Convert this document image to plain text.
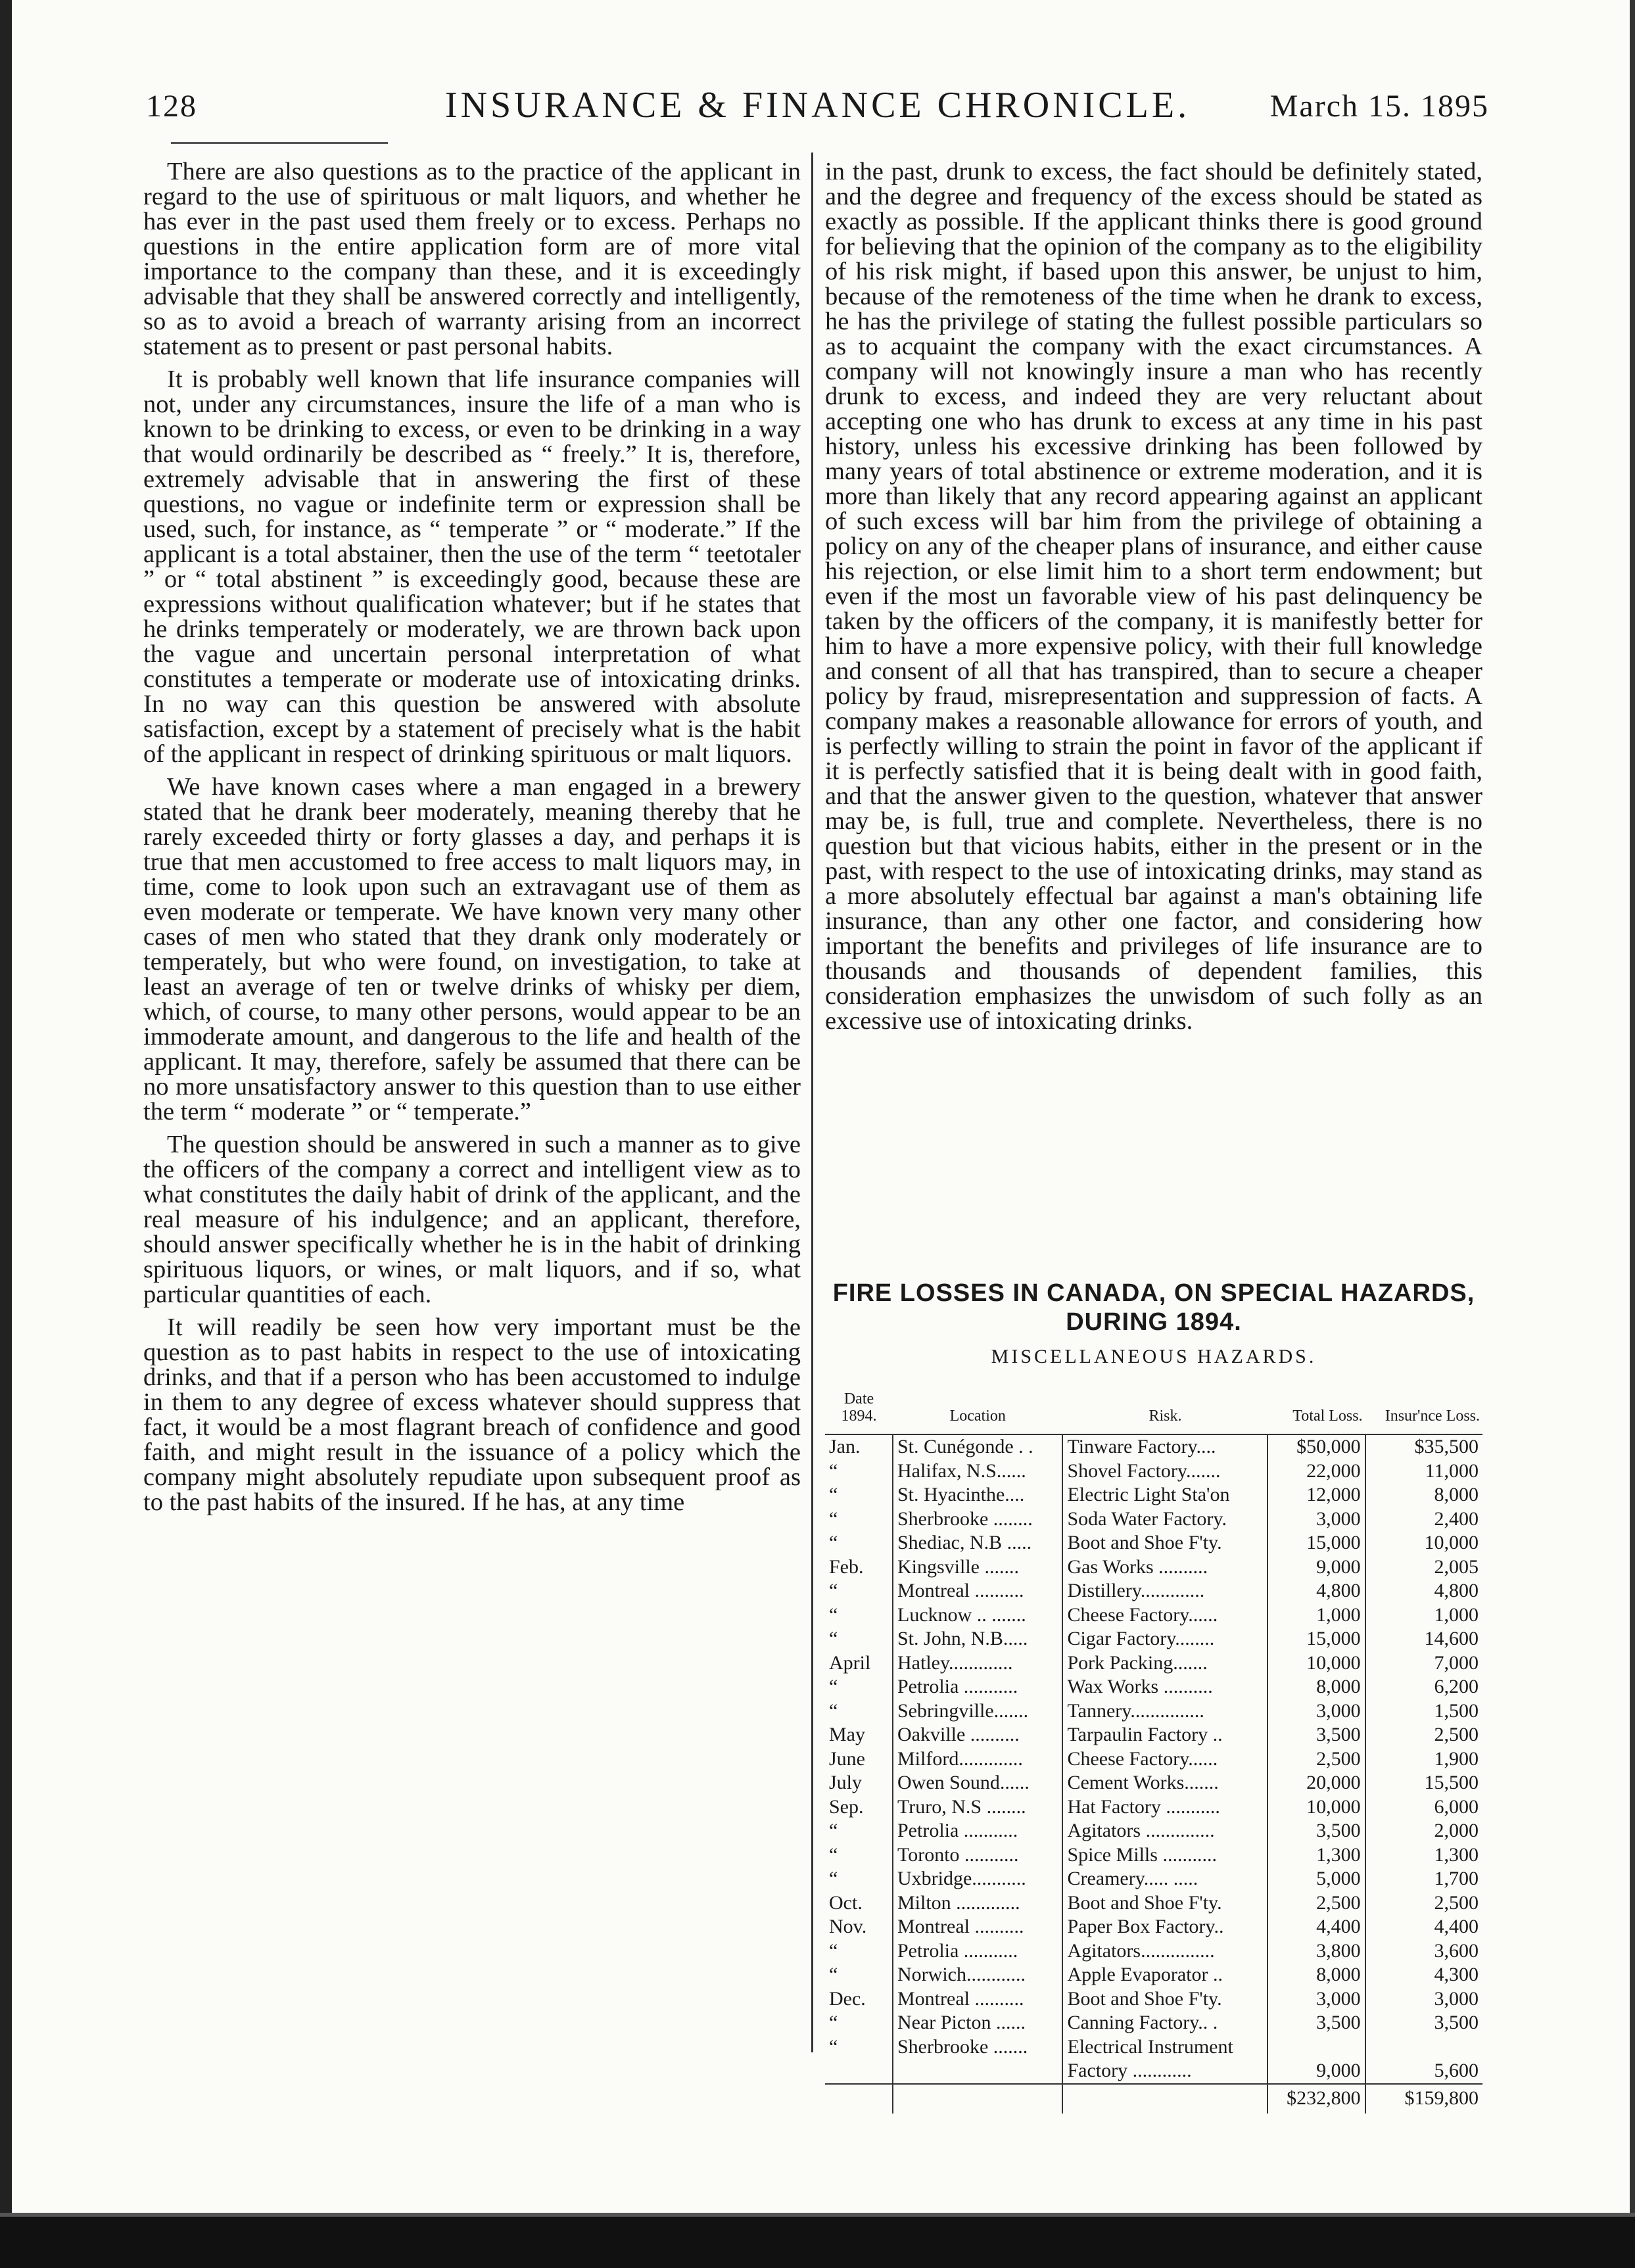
128	INSURANCE & FINANCE CHRONICLE.	March 15. 1895

There are also questions as to the practice of the applicant in regard to the use of spirituous or malt liquors, and whether he has ever in the past used them freely or to excess. Perhaps no questions in the entire application form are of more vital importance to the company than these, and it is exceedingly advisable that they shall be answered correctly and intelligently, so as to avoid a breach of warranty arising from an incorrect statement as to present or past personal habits.

It is probably well known that life insurance companies will not, under any circumstances, insure the life of a man who is known to be drinking to excess, or even to be drinking in a way that would ordinarily be described as “ freely.” It is, therefore, extremely advisable that in answering the first of these questions, no vague or indefinite term or expression shall be used, such, for instance, as “ temperate ” or “ moderate.” If the applicant is a total abstainer, then the use of the term “ teetotaler ” or “ total abstinent ” is exceedingly good, because these are expressions without qualification whatever; but if he states that he drinks temperately or moderately, we are thrown back upon the vague and uncertain personal interpretation of what constitutes a temperate or moderate use of intoxicating drinks. In no way can this question be answered with absolute satisfaction, except by a statement of precisely what is the habit of the applicant in respect of drinking spirituous or malt liquors.

We have known cases where a man engaged in a brewery stated that he drank beer moderately, meaning thereby that he rarely exceeded thirty or forty glasses a day, and perhaps it is true that men accustomed to free access to malt liquors may, in time, come to look upon such an extravagant use of them as even moderate or temperate. We have known very many other cases of men who stated that they drank only moderately or temperately, but who were found, on investigation, to take at least an average of ten or twelve drinks of whisky per diem, which, of course, to many other persons, would appear to be an immoderate amount, and dangerous to the life and health of the applicant. It may, therefore, safely be assumed that there can be no more unsatisfactory answer to this question than to use either the term “ moderate ” or “ temperate.”

The question should be answered in such a manner as to give the officers of the company a correct and intelligent view as to what constitutes the daily habit of drink of the applicant, and the real measure of his indulgence; and an applicant, therefore, should answer specifically whether he is in the habit of drinking spirituous liquors, or wines, or malt liquors, and if so, what particular quantities of each.

It will readily be seen how very important must be the question as to past habits in respect to the use of intoxicating drinks, and that if a person who has been accustomed to indulge in them to any degree of excess whatever should suppress that fact, it would be a most flagrant breach of confidence and good faith, and might result in the issuance of a policy which the company might absolutely repudiate upon subsequent proof as to the past habits of the insured. If he has, at any time

in the past, drunk to excess, the fact should be definitely stated, and the degree and frequency of the excess should be stated as exactly as possible. If the applicant thinks there is good ground for believing that the opinion of the company as to the eligibility of his risk might, if based upon this answer, be unjust to him, because of the remoteness of the time when he drank to excess, he has the privilege of stating the fullest possible particulars so as to acquaint the company with the exact circumstances. A company will not knowingly insure a man who has recently drunk to excess, and indeed they are very reluctant about accepting one who has drunk to excess at any time in his past history, unless his excessive drinking has been followed by many years of total abstinence or extreme moderation, and it is more than likely that any record appearing against an applicant of such excess will bar him from the privilege of obtaining a policy on any of the cheaper plans of insurance, and either cause his rejection, or else limit him to a short term endowment; but even if the most un favorable view of his past delinquency be taken by the officers of the company, it is manifestly better for him to have a more expensive policy, with their full knowledge and consent of all that has transpired, than to secure a cheaper policy by fraud, misrepresentation and suppression of facts. A company makes a reasonable allowance for errors of youth, and is perfectly willing to strain the point in favor of the applicant if it is perfectly satisfied that it is being dealt with in good faith, and that the answer given to the question, whatever that answer may be, is full, true and complete. Nevertheless, there is no question but that vicious habits, either in the present or in the past, with respect to the use of intoxicating drinks, may stand as a more absolutely effectual bar against a man's obtaining life insurance, than any other one factor, and considering how important the benefits and privileges of life insurance are to thousands and thousands of dependent families, this consideration emphasizes the unwisdom of such folly as an excessive use of intoxicating drinks.

FIRE LOSSES IN CANADA, ON SPECIAL HAZARDS, DURING 1894.
MISCELLANEOUS HAZARDS.
Date 1894.	Location	Risk.	Total Loss.	Insur'nce Loss.
Jan.	St. Cunégonde . .	Tinware Factory....	$50,000	$35,500
“	Halifax, N.S......	Shovel Factory.......	22,000	11,000
“	St. Hyacinthe....	Electric Light Sta'on	12,000	8,000
“	Sherbrooke ........	Soda Water Factory.	3,000	2,400
“	Shediac, N.B .....	Boot and Shoe F'ty.	15,000	10,000
Feb.	Kingsville .......	Gas Works ..........	9,000	2,005
“	Montreal ..........	Distillery.............	4,800	4,800
“	Lucknow .. .......	Cheese Factory......	1,000	1,000
“	St. John, N.B.....	Cigar Factory........	15,000	14,600
April	Hatley.............	Pork Packing.......	10,000	7,000
“	Petrolia ...........	Wax Works ..........	8,000	6,200
“	Sebringville.......	Tannery...............	3,000	1,500
May	Oakville ..........	Tarpaulin Factory ..	3,500	2,500
June	Milford.............	Cheese Factory......	2,500	1,900
July	Owen Sound......	Cement Works.......	20,000	15,500
Sep.	Truro, N.S ........	Hat Factory ...........	10,000	6,000
“	Petrolia ...........	Agitators ..............	3,500	2,000
“	Toronto ...........	Spice Mills ...........	1,300	1,300
“	Uxbridge...........	Creamery..... .....	5,000	1,700
Oct.	Milton .............	Boot and Shoe F'ty.	2,500	2,500
Nov.	Montreal ..........	Paper Box Factory..	4,400	4,400
“	Petrolia ...........	Agitators...............	3,800	3,600
“	Norwich............	Apple Evaporator ..	8,000	4,300
Dec.	Montreal ..........	Boot and Shoe F'ty.	3,000	3,000
“	Near Picton ......	Canning Factory.. .	3,500	3,500
“	Sherbrooke .......	Electrical Instrument		
		Factory ............	9,000	5,600
			$232,800	$159,800
